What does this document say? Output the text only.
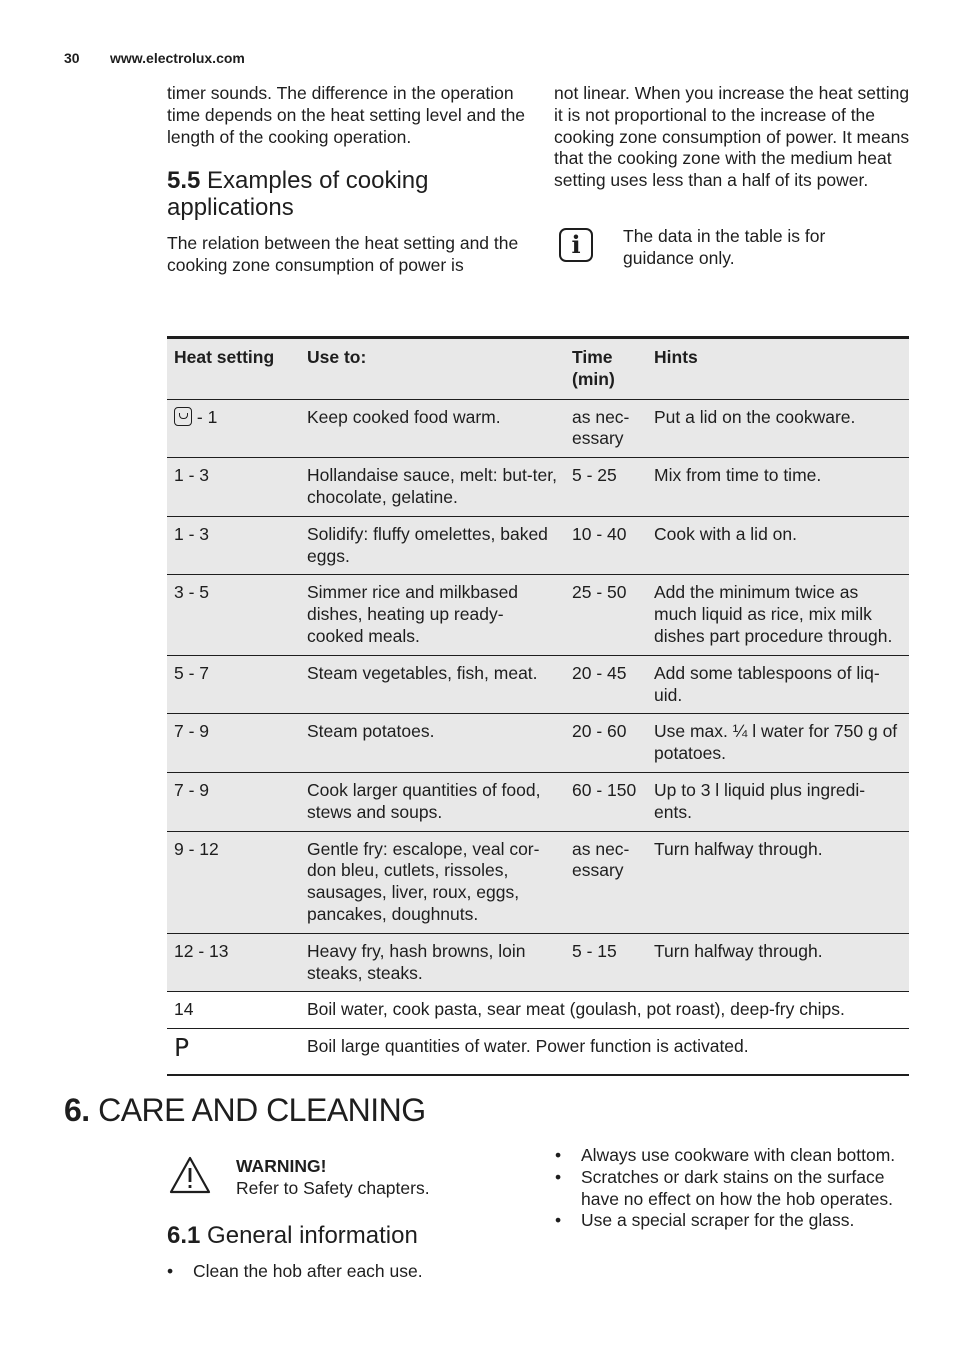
30 www.electrolux.com

timer sounds. The difference in the operation time depends on the heat setting level and the length of the cooking operation.

5.5 Examples of cooking applications

The relation between the heat setting and the cooking zone consumption of power is

not linear. When you increase the heat setting it is not proportional to the increase of the cooking zone consumption of power. It means that the cooking zone with the medium heat setting uses less than a half of its power.

i	The data in the table is for guidance only.
Heat setting	Use to:	Time (min)	Hints

- 1	Keep cooked food warm.	as nec-essary	Put a lid on the cookware.
1 - 3	Hollandaise sauce, melt: but-ter, chocolate, gelatine.	5 - 25	Mix from time to time.
1 - 3	Solidify: fluffy omelettes, baked eggs.	10 - 40	Cook with a lid on.
3 - 5	Simmer rice and milkbased dishes, heating up ready-cooked meals.	25 - 50	Add the minimum twice as much liquid as rice, mix milk dishes part procedure through.
5 - 7	Steam vegetables, fish, meat.	20 - 45	Add some tablespoons of liq-uid.
7 - 9	Steam potatoes.	20 - 60	Use max. ¼ l water for 750 g of potatoes.
7 - 9	Cook larger quantities of food, stews and soups.	60 - 150	Up to 3 l liquid plus ingredi-ents.
9 - 12	Gentle fry: escalope, veal cor-don bleu, cutlets, rissoles, sausages, liver, roux, eggs, pancakes, doughnuts.	as nec-essary	Turn halfway through.
12 - 13	Heavy fry, hash browns, loin steaks, steaks.	5 - 15	Turn halfway through.
14	Boil water, cook pasta, sear meat (goulash, pot roast), deep-fry chips.		
P	Boil large quantities of water. Power function is activated.		
6. CARE AND CLEANING
WARNING!
Refer to Safety chapters.
6.1 General information
• Clean the hob after each use.
• Always use cookware with clean bottom.
• Scratches or dark stains on the surface have no effect on how the hob operates.
• Use a special scraper for the glass.
